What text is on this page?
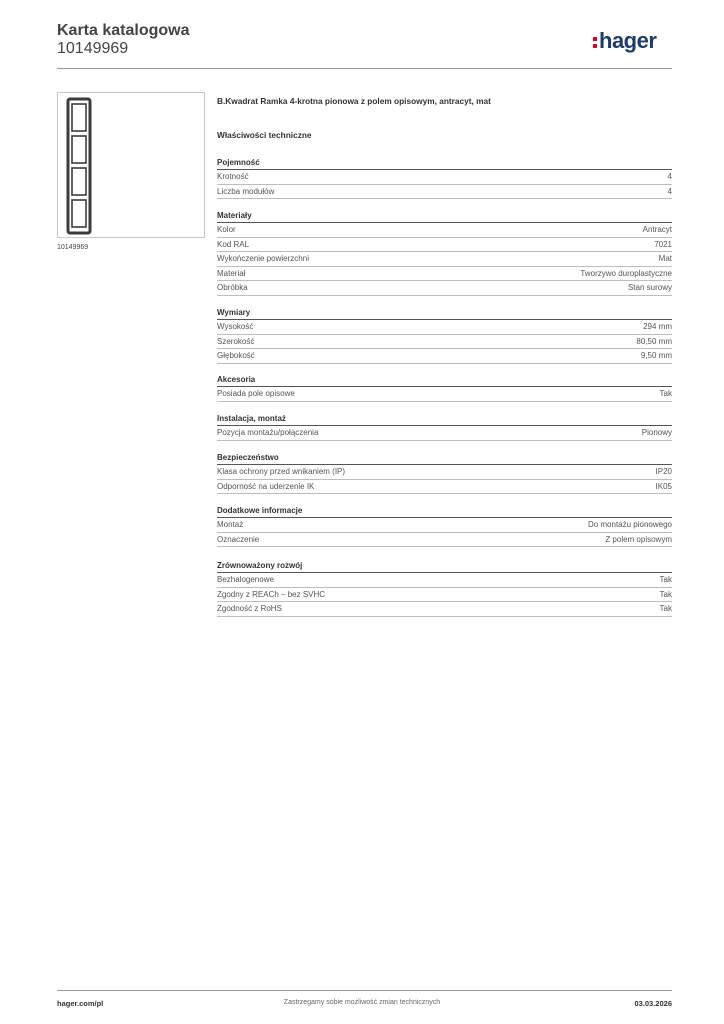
Karta katalogowa
10149969	hager
10149969
B.Kwadrat Ramka 4-krotna pionowa z polem opisowym, antracyt, mat
Właściwości techniczne
Pojemność
Krotność	4
Liczba modułów	4
Materiały
Kolor	Antracyt
Kod RAL	7021
Wykończenie powierzchni	Mat
Materiał	Tworzywo duroplastyczne
Obróbka	Stan surowy
Wymiary
Wysokość	294 mm
Szerokość	80,50 mm
Głębokość	9,50 mm
Akcesoria
Posiada pole opisowe	Tak
Instalacja, montaż
Pozycja montażu/połączenia	Pionowy
Bezpieczeństwo
Klasa ochrony przed wnikaniem (IP)	IP20
Odporność na uderzenie IK	IK05
Dodatkowe informacje
Montaż	Do montażu pionowego
Oznaczenie	Z polem opisowym
Zrównoważony rozwój
Bezhalogenowe	Tak
Zgodny z REACh – bez SVHC	Tak
Zgodność z RoHS	Tak
hager.com/pl	Zastrzegamy sobie możliwość zmian technicznych	03.03.2026
